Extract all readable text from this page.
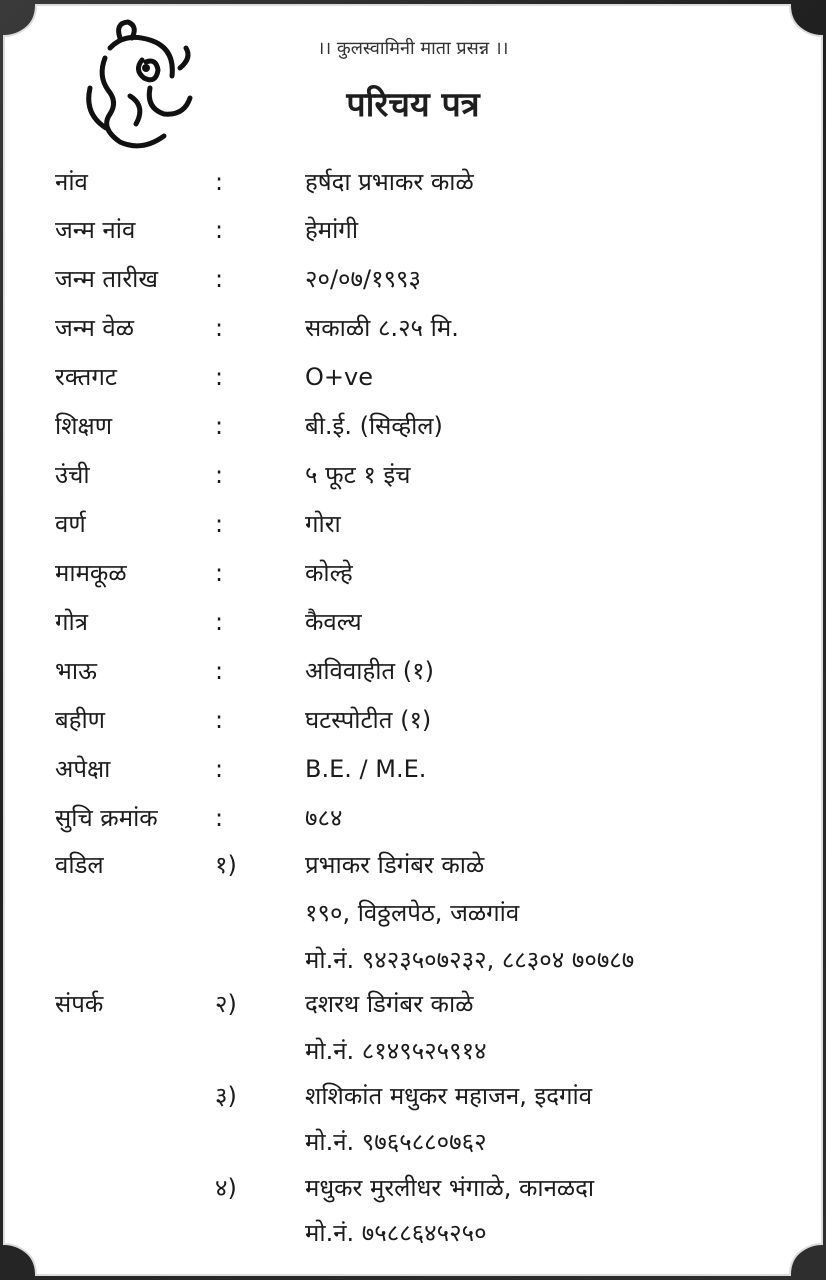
।। कुलस्वामिनी माता प्रसन्न ।।
परिचय पत्र
नांव	:	हर्षदा प्रभाकर काळे
जन्म नांव	:	हेमांगी
जन्म तारीख :	२०/०७/१९९३
जन्म वेळ	:	सकाळी ८.२५ मि.
रक्तगट	:	O+ve
शिक्षण	:	बी.ई. (सिव्हील)
उंची	:	५ फूट १ इंच
वर्ण	:	गोरा
मामकूळ	:	कोल्हे
गोत्र	:	कैवल्य
भाऊ	:	अविवाहीत (१)
बहीण	:	घटस्पोटीत (१)
अपेक्षा	:	B.E. / M.E.
सुचि क्रमांक :	७८४
वडिल	१)	प्रभाकर डिगंबर काळे
१९०, विठ्ठलपेठ, जळगांव
मो.नं. ९४२३५०७२३२, ८८३०४ ७०७८७
संपर्क	२)	दशरथ डिगंबर काळे
मो.नं. ८१४९५२५९१४
३)	शशिकांत मधुकर महाजन, इदगांव
मो.नं. ९७६५८८०७६२
४)	मधुकर मुरलीधर भंगाळे, कानळदा
मो.नं. ७५८८६४५२५०
